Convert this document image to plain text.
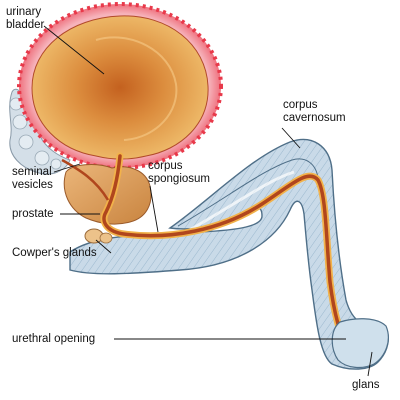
urinary
bladder
corpus
cavernosum
seminal
vesicles
corpus
spongiosum
prostate
Cowper's glands
urethral opening
glans
